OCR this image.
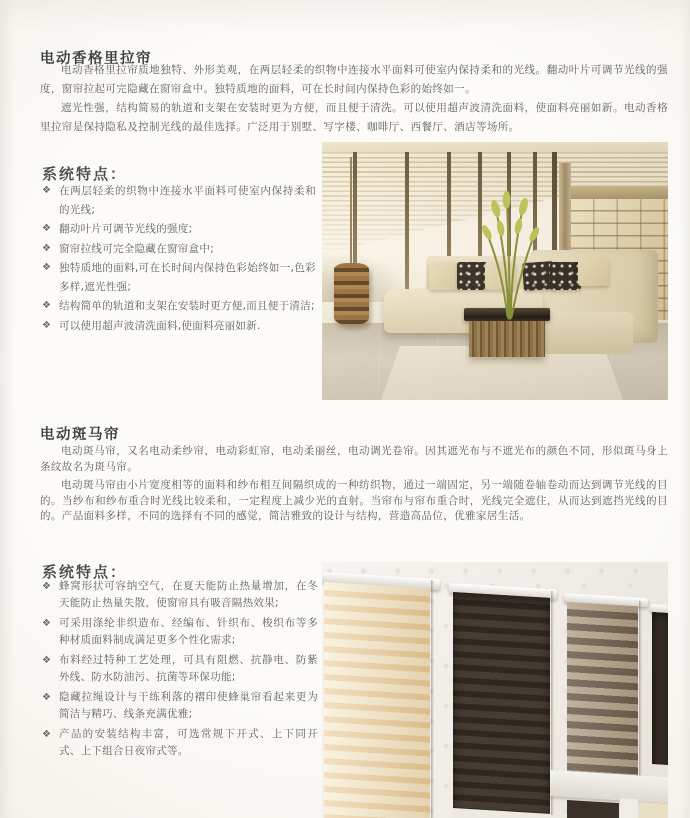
电动香格里拉帘

电动香格里拉帘质地独特、外形美观，在两层轻柔的织物中连接水平面料可使室内保持柔和的光线。翻动叶片可调节光线的强度，窗帘拉起可完隐藏在窗帘盒中。独特质地的面料，可在长时间内保持色彩的始终如一。

遮光性强，结构简易的轨道和支架在安装时更为方便，而且便于清洗。可以使用超声波清洗面料，使面料亮丽如新。电动香格里拉帘是保持隐私及控制光线的最佳选择。广泛用于别墅、写字楼、咖啡厅、西餐厅、酒店等场所。

系统特点：
❖ 在两层轻柔的织物中连接水平面料可使室内保持柔和的光线;
❖ 翻动叶片可调节光线的强度;
❖ 窗帘拉线可完全隐藏在窗帘盒中;
❖ 独特质地的面料,可在长时间内保持色彩始终如一,色彩多样,遮光性强;
❖ 结构简单的轨道和支架在安装时更方便,而且便于清洁;
❖ 可以使用超声波清洗面料,使面料亮丽如新.
电动斑马帘

电动斑马帘，又名电动柔纱帘，电动彩虹帘，电动柔丽丝，电动调光卷帘。因其遮光布与不遮光布的颜色不同，形似斑马身上条纹故名为斑马帘。

电动斑马帘由小片宽度相等的面料和纱布相互间隔织成的一种纺织物，通过一端固定，另一端随卷轴卷动而达到调节光线的目的。当纱布和纱布重合时光线比较柔和，一定程度上减少光的直射。当帘布与帘布重合时，光线完全遮住，从而达到遮挡光线的目的。产品面料多样，不同的选择有不同的感觉，简洁雅致的设计与结构，营造高品位，优雅家居生活。

系统特点：
❖ 蜂窝形状可容纳空气，在夏天能防止热量增加，在冬天能防止热量失散，使窗帘具有吸音隔热效果;
❖ 可采用涤纶非织造布、经编布、针织布、梭织布等多种材质面料制成满足更多个性化需求;
❖ 布料经过特种工艺处理，可具有阻燃、抗静电、防紫外线、防水防油污、抗菌等环保功能;
❖ 隐藏拉绳设计与干练利落的褶印使蜂巢帘看起来更为简洁与精巧、线条充满优雅;
❖ 产品的安装结构丰富，可选常规下开式、上下同开式、上下组合日夜帘式等。
